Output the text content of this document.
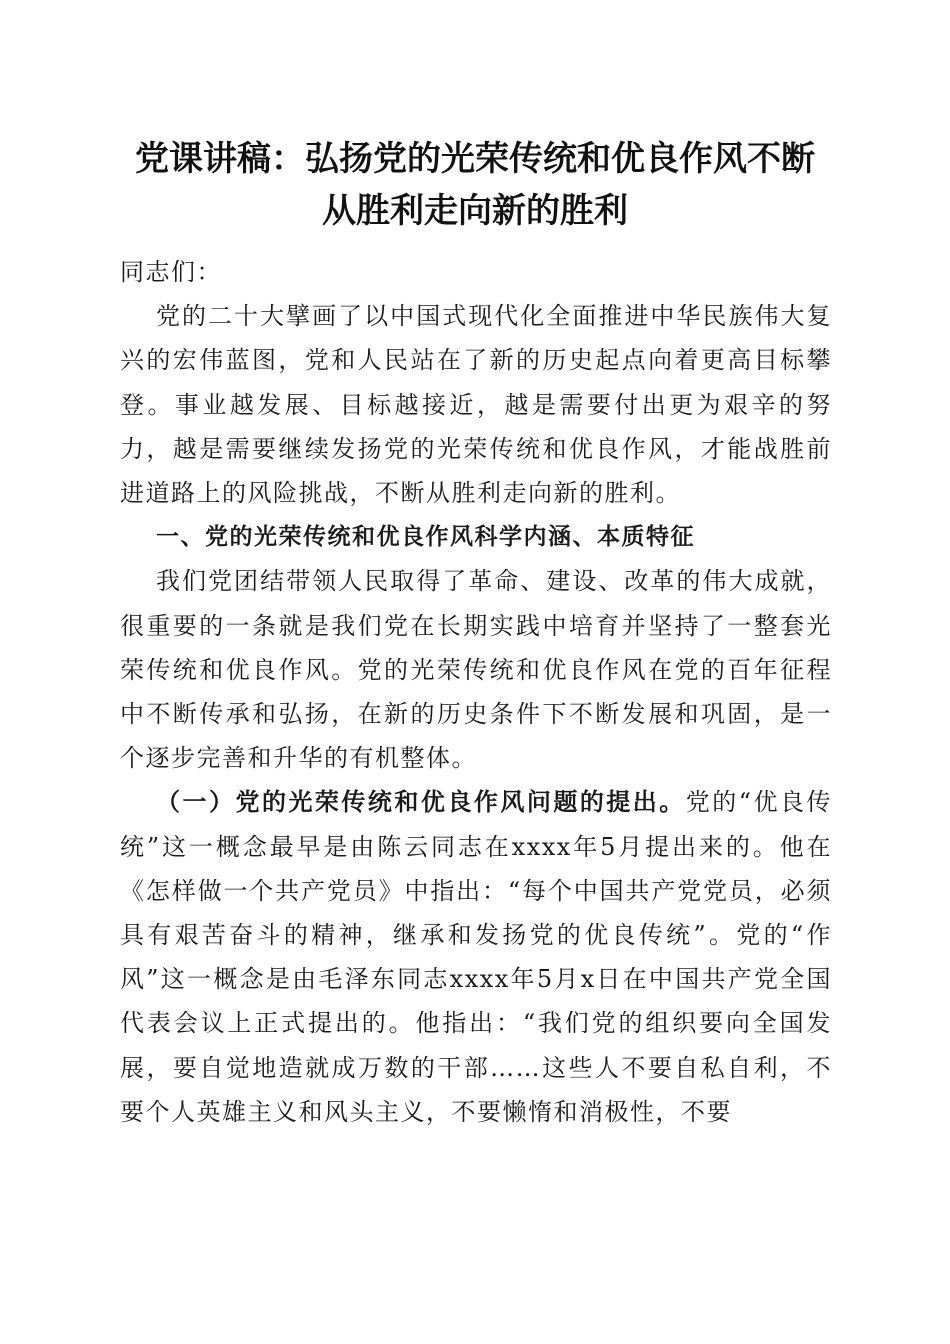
党课讲稿：弘扬党的光荣传统和优良作风不断
从胜利走向新的胜利

同志们：

党的二十大擘画了以中国式现代化全面推进中华民族伟大复兴的宏伟蓝图，党和人民站在了新的历史起点向着更高目标攀登。事业越发展、目标越接近，越是需要付出更为艰辛的努力，越是需要继续发扬党的光荣传统和优良作风，才能战胜前进道路上的风险挑战，不断从胜利走向新的胜利。

一、党的光荣传统和优良作风科学内涵、本质特征

我们党团结带领人民取得了革命、建设、改革的伟大成就，很重要的一条就是我们党在长期实践中培育并坚持了一整套光荣传统和优良作风。党的光荣传统和优良作风在党的百年征程中不断传承和弘扬，在新的历史条件下不断发展和巩固，是一个逐步完善和升华的有机整体。

（一）党的光荣传统和优良作风问题的提出。党的“优良传统”这一概念最早是由陈云同志在xxxx年5月提出来的。他在《怎样做一个共产党员》中指出：“每个中国共产党党员，必须具有艰苦奋斗的精神，继承和发扬党的优良传统”。党的“作风”这一概念是由毛泽东同志xxxx年5月x日在中国共产党全国代表会议上正式提出的。他指出：“我们党的组织要向全国发展，要自觉地造就成万数的干部……这些人不要自私自利，不要个人英雄主义和风头主义，不要懒惰和消极性，不要
